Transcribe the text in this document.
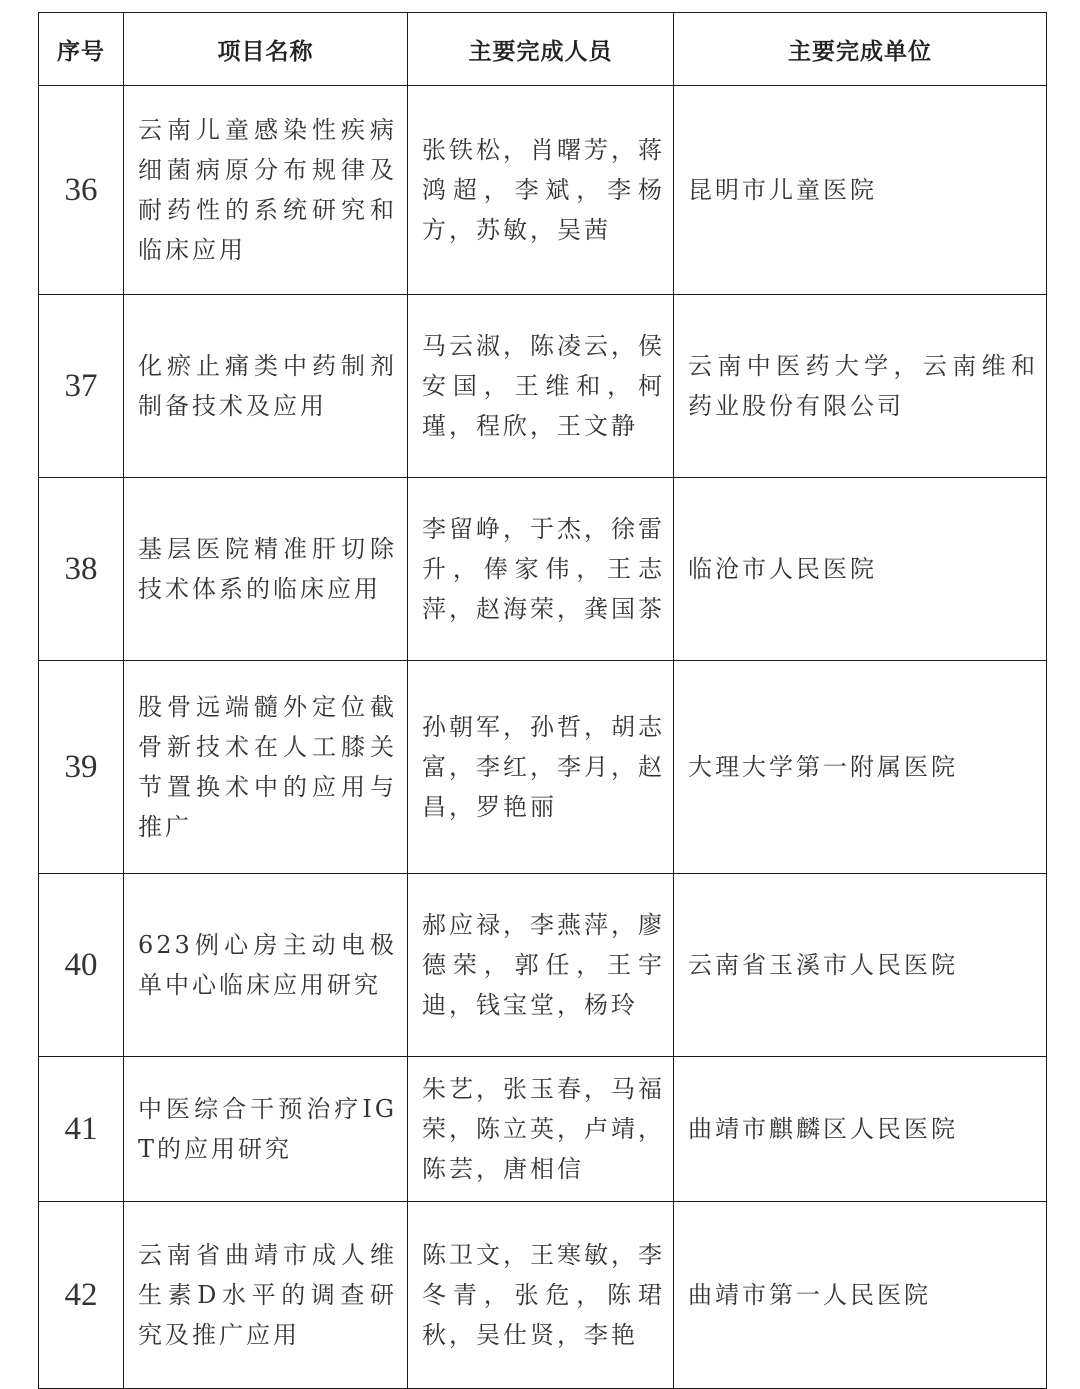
序号	项目名称	主要完成人员	主要完成单位
36	云南儿童感染性疾病细菌病原分布规律及耐药性的系统研究和临床应用	张铁松，肖曙芳，蒋鸿超，李斌，李杨方，苏敏，吴茜	昆明市儿童医院
37	化瘀止痛类中药制剂制备技术及应用	马云淑，陈凌云，侯安国，王维和，柯瑾，程欣，王文静	云南中医药大学，云南维和药业股份有限公司
38	基层医院精准肝切除技术体系的临床应用	李留峥，于杰，徐雷升，俸家伟，王志萍，赵海荣，龚国茶	临沧市人民医院
39	股骨远端髓外定位截骨新技术在人工膝关节置换术中的应用与推广	孙朝军，孙哲，胡志富，李红，李月，赵昌，罗艳丽	大理大学第一附属医院
40	623例心房主动电极单中心临床应用研究	郝应禄，李燕萍，廖德荣，郭任，王宇迪，钱宝堂，杨玲	云南省玉溪市人民医院
41	中医综合干预治疗IGT的应用研究	朱艺，张玉春，马福荣，陈立英，卢靖，陈芸，唐相信	曲靖市麒麟区人民医院
42	云南省曲靖市成人维生素D水平的调查研究及推广应用	陈卫文，王寒敏，李冬青，张危，陈珺秋，吴仕贤，李艳	曲靖市第一人民医院
